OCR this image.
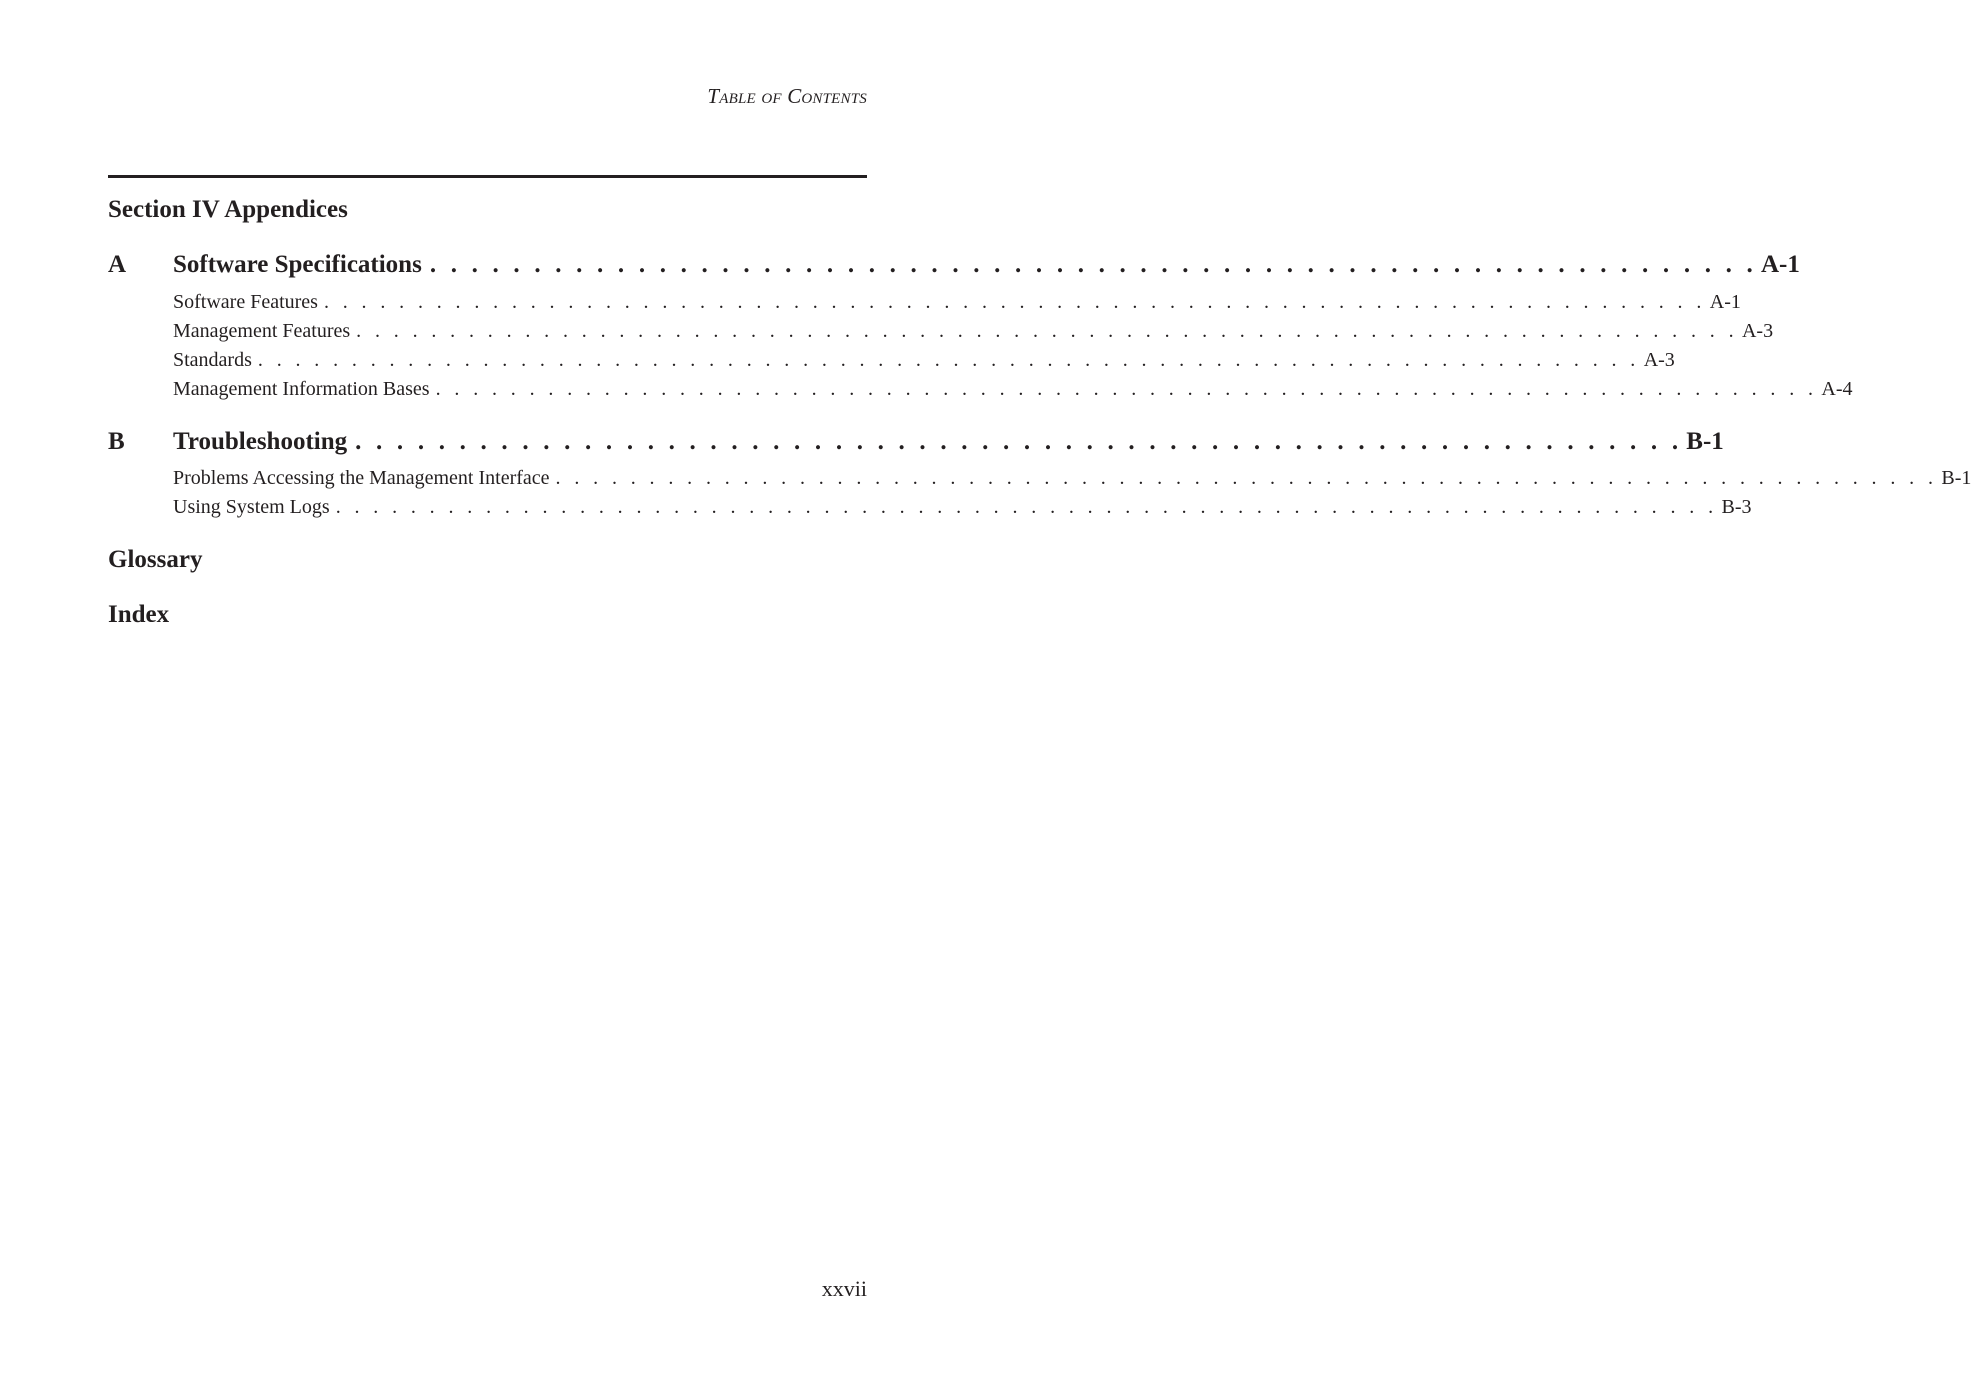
Table of Contents
Section IV Appendices
A Software Specifications . . . . . . . . . . . . . . . . . . . . . . . . . . . . . . . . . . . . . . . . . . . . . . . . . . . . . . . . . . . . . . . . A-1
Software Features . . . . . . . . . . . . . . . . . . . . . . . . . . . . . . . . . . . . . . . . . . . . . . . . . . . . . . . . . . . . . . . . . . . . . . . . . . A-1
Management Features . . . . . . . . . . . . . . . . . . . . . . . . . . . . . . . . . . . . . . . . . . . . . . . . . . . . . . . . . . . . . . . . . . . . . . . . . . A-3
Standards . . . . . . . . . . . . . . . . . . . . . . . . . . . . . . . . . . . . . . . . . . . . . . . . . . . . . . . . . . . . . . . . . . . . . . . . . . A-3
Management Information Bases . . . . . . . . . . . . . . . . . . . . . . . . . . . . . . . . . . . . . . . . . . . . . . . . . . . . . . . . . . . . . . . . . . . . . . . . . . A-4
B Troubleshooting . . . . . . . . . . . . . . . . . . . . . . . . . . . . . . . . . . . . . . . . . . . . . . . . . . . . . . . . . . . . . . . . B-1
Problems Accessing the Management Interface . . . . . . . . . . . . . . . . . . . . . . . . . . . . . . . . . . . . . . . . . . . . . . . . . . . . . . . . . . . . . . . . . . . . . . . . . . B-1
Using System Logs . . . . . . . . . . . . . . . . . . . . . . . . . . . . . . . . . . . . . . . . . . . . . . . . . . . . . . . . . . . . . . . . . . . . . . . . . . B-3
Glossary
Index
xxvii
